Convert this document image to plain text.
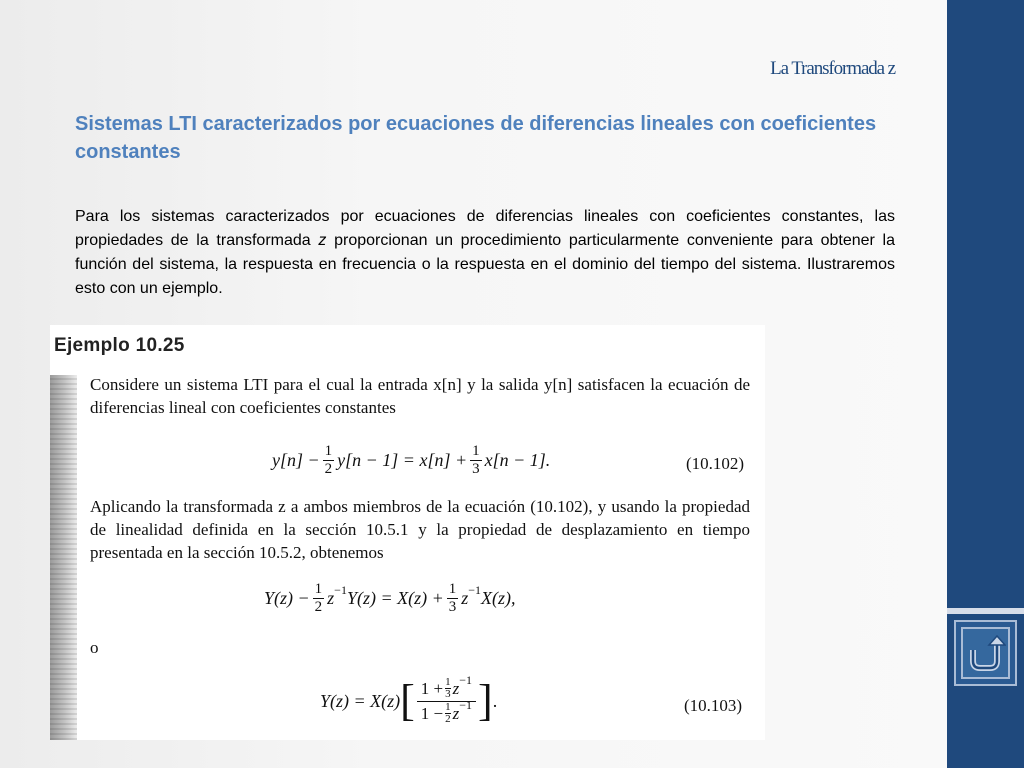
La Transformada z
Sistemas LTI caracterizados por ecuaciones de diferencias lineales con coeficientes constantes

Para los sistemas caracterizados por ecuaciones de diferencias lineales con coeficientes constantes, las propiedades de la transformada z proporcionan un procedimiento particularmente conveniente para obtener la función del sistema, la respuesta en frecuencia o la respuesta en el dominio del tiempo del sistema. Ilustraremos esto con un ejemplo.

Ejemplo 10.25

Considere un sistema LTI para el cual la entrada x[n] y la salida y[n] satisfacen la ecuación de diferencias lineal con coeficientes constantes

$y[n] - \frac{1}{2} y[n - 1] = x[n] + \frac{1}{3} x[n - 1]$.	(10.102)

Aplicando la transformada z a ambos miembros de la ecuación (10.102), y usando la propiedad de linealidad definida en la sección 10.5.1 y la propiedad de desplazamiento en tiempo presentada en la sección 10.5.2, obtenemos

$Y(z) - \frac{1}{2}$ z −1 $Y(z) = X(z) + \frac{1}{3}$ z −1 X(z),
o
Y(z) = X(z) [ $\frac{1 + \frac{1}{3} z -1}{1 - \frac{1}{2} z -1}$ ] .	(10.103)
